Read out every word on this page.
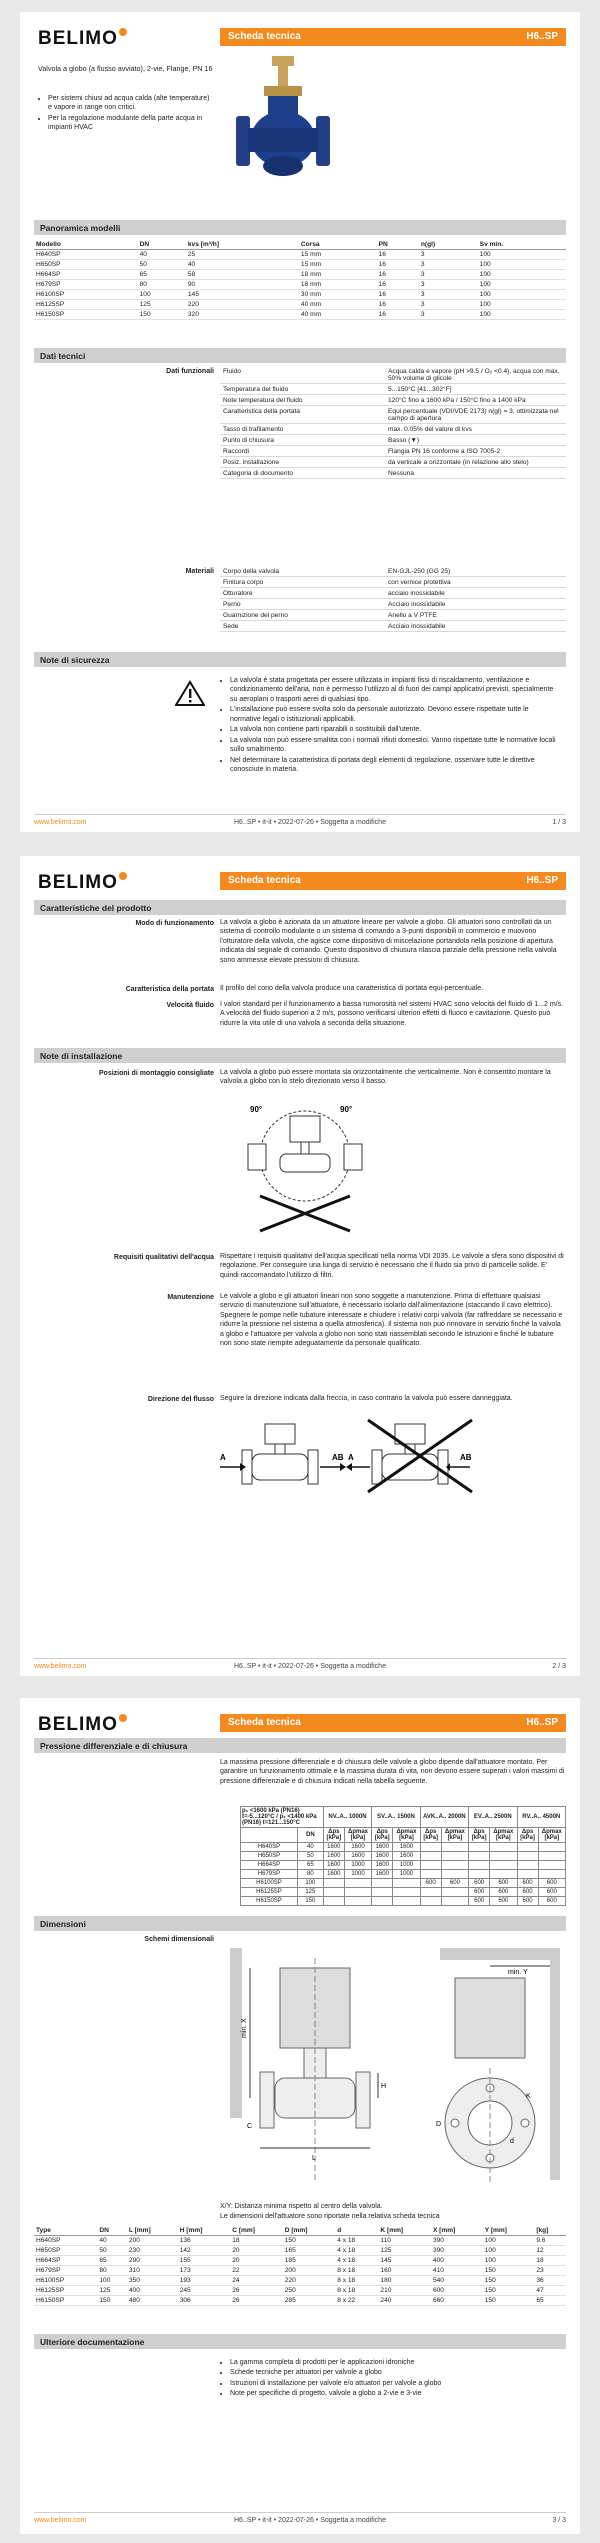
BELIMO	Scheda tecnica	H6..SP
Valvola a globo (a flusso avviato), 2-vie, Flange, PN 16
• Per sistemi chiusi ad acqua calda (alte temperature) e vapore in range non critici.
• Per la regolazione modulante della parte acqua in impianti HVAC
Panoramica modelli
Modello	DN	kvs [m³/h]	Corsa	PN	n(gl)	Sv min.
H640SP	40	25	15 mm	16	3	100
H650SP	50	40	15 mm	16	3	100
H664SP	65	58	18 mm	16	3	100
H679SP	80	90	18 mm	16	3	100
H6100SP	100	145	30 mm	16	3	100
H6125SP	125	220	40 mm	16	3	100
H6150SP	150	320	40 mm	16	3	100
Dati tecnici
Dati funzionali Fluido	Acqua calda e vapore (pH >9.5 / O₂ <0.4), acqua con max. 50% volume di glicole
Temperatura del fluido	5...150°C [41...302°F]
Note temperatura del fluido	120°C fino a 1600 kPa / 150°C fino a 1400 kPa
Caratteristica della portata	Equi percentuale (VDI/VDE 2173) n(gl) = 3, ottimizzata nel campo di apertura
Tasso di trafilamento	max. 0.05% del valore di kvs
Punto di chiusura	Basso (▼)
Raccordi	Flangia PN 16 conforme a ISO 7005-2
Posiz. installazione	da verticale a orizzontale (in relazione allo stelo)
Categoria di documento	Nessuna
Materiali Corpo della valvola	EN-GJL-250 (GG 25)
Finitura corpo	con vernice protettiva
Otturatore	acciaio inossidabile
Perno	Acciaio inossidabile
Guarnizione del perno	Anello a V PTFE
Sede	Acciaio inossidabile
Note di sicurezza
• La valvola è stata progettata per essere utilizzata in impianti fissi di riscaldamento, ventilazione e condizionamento dell'aria, non è permesso l'utilizzo al di fuori dei campi applicativi previsti, specialmente su aeroplani o trasporti aerei di qualsiasi tipo.
• L'installazione può essere svolta solo da personale autorizzato. Devono essere rispettate tutte le normative legali o istituzionali applicabili.
• La valvola non contiene parti riparabili o sostituibili dall'utente.
• La valvola non può essere smaltita con i normali rifiuti domestici. Vanno rispettate tutte le normative locali sullo smaltimento.
• Nel determinare la caratteristica di portata degli elementi di regolazione, osservare tutte le direttive conosciute in materia.
www.belimo.com	H6..SP • it-it • 2022-07-26 • Soggetta a modifiche	1 / 3
BELIMO	Scheda tecnica	H6..SP
Caratteristiche del prodotto
Modo di funzionamento La valvola a globo è azionata da un attuatore lineare per valvole a globo. Gli attuatori sono controllati da un sistema di controllo modulante o un sistema di comando a 3-punti disponibili in commercio e muovono l'otturatore della valvola, che agisce come dispositivo di miscelazione portandola nella posizione di apertura indicata dal segnale di comando. Questo dispositivo di chiusura rilascia parziale della pressione nella valvola sono ammesse elevate pressioni di chiusura.
Caratteristica della portata Il profilo del cono della valvola produce una caratteristica di portata equi-percentuale.
Velocità fluido I valori standard per il funzionamento a bassa rumorosità nel sistemi HVAC sono velocità del fluido di 1...2 m/s. A velocità del fluido superiori a 2 m/s, possono verificarsi ulteriori effetti di fluoco e cavitazione. Questo può ridurre la vita utile di una valvola a seconda della situazione.
Note di installazione
Posizioni di montaggio consigliate La valvola a globo può essere montata sia orizzontalmente che verticalmente. Non è consentito montare la valvola a globo con lo stelo direzionato verso il basso.
90°	90°
Requisiti qualitativi dell'acqua Rispettare i requisiti qualitativi dell'acqua specificati nella norma VDI 2035. Le valvole a sfera sono dispositivi di regolazione. Per conseguire una lunga di servizio è necessario che il fluido sia privo di particelle solide. E' quindi raccomandato l'utilizzo di filtri.
Manutenzione Le valvole a globo e gli attuatori lineari non sono soggette a manutenzione. Prima di effettuare qualsiasi servizio di manutenzione sull'attuatore, è necessario isolarlo dall'alimentazione (staccando il cavo elettrico). Spegnere le pompe nelle tubature interessate e chiudere i relativi corpi valvola (far raffreddare se necessario e ridurre la pressione nel sistema a quella atmosferica). Il sistema non può rinnovare in servizio finché la valvola a globo e l'attuatore per valvola a globo non sono stati riassemblati secondo le istruzioni e finché le tubature non sono state riempite adeguatamente da personale qualificato.
Direzione del flusso Seguire la direzione indicata dalla freccia, in caso contrario la valvola può essere danneggiata.
A	AB A	AB
www.belimo.com	H6..SP • it-it • 2022-07-26 • Soggetta a modifiche	2 / 3
BELIMO	Scheda tecnica	H6..SP
Pressione differenziale e di chiusura
La massima pressione differenziale e di chiusura delle valvole a globo dipende dall'attuatore montato. Per garantire un funzionamento ottimale e la massima durata di vita, non devono essere superati i valori massimi di pressione differenziale e di chiusura indicati nella tabella seguente.
p₁ <1600 kPa (PN16) t=-5...120°C / p₁ <1400 kPa (PN16) t=121...150°C		NV..A.. 1000N		SV..A.. 1500N		AVK..A.. 2000N		EV..A.. 2500N		RV..A.. 4500N	
	DN	Δps [kPa]	Δpmax [kPa]	Δps [kPa]	Δpmax [kPa]	Δps [kPa]	Δpmax [kPa]	Δps [kPa]	Δpmax [kPa]	Δps [kPa]	Δpmax [kPa]
H640SP	40	1600	1600	1600	1600						
H650SP	50	1600	1600	1600	1600						
H664SP	65	1600	1000	1600	1000						
H679SP	80	1600	1000	1600	1000						
H6100SP	100					600	600	600	600	600	600
H6125SP	125							600	600	600	600
H6150SP	150							600	600	600	600
Dimensioni
Schemi dimensionali
L
H
C
min. X
min. Y
D
d
K
X/Y: Distanza minima rispetto al centro della valvola.
Le dimensioni dell'attuatore sono riportate nella relativa scheda tecnica
Type	DN	L [mm]	H [mm]	C [mm]	D [mm]	d	K [mm]	X [mm]	Y [mm]	[kg]
H640SP	40	200	136	18	150	4 x 18	110	390	100	9.6
H650SP	50	230	142	20	165	4 x 18	125	390	100	12
H664SP	65	290	155	20	185	4 x 18	145	400	100	18
H679SP	80	310	173	22	200	8 x 18	160	410	150	23
H6100SP	100	350	193	24	220	8 x 18	180	540	150	36
H6125SP	125	400	245	26	250	8 x 18	210	600	150	47
H6150SP	150	480	306	26	285	8 x 22	240	660	150	65
Ulteriore documentazione
• La gamma completa di prodotti per le applicazioni idroniche
• Schede tecniche per attuatori per valvole a globo
• Istruzioni di installazione per valvole e/o attuatori per valvole a globo
• Note per specifiche di progetto, valvole a globo a 2-vie e 3-vie
www.belimo.com	H6..SP • it-it • 2022-07-26 • Soggetta a modifiche	3 / 3
